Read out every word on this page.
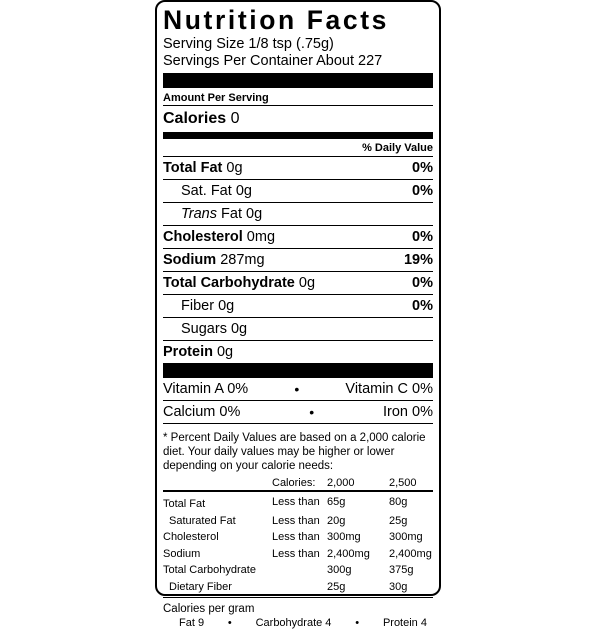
Nutrition Facts
Serving Size 1/8 tsp (.75g)
Servings Per Container About 227
Amount Per Serving
Calories 0
% Daily Value
Total Fat 0g	0%
Sat. Fat 0g	0%
Trans Fat 0g
Cholesterol 0mg	0%
Sodium 287mg	19%
Total Carbohydrate 0g	0%
Fiber 0g	0%
Sugars 0g
Protein 0g
Vitamin A 0%	•	Vitamin C 0%
Calcium 0%	•	Iron 0%
* Percent Daily Values are based on a 2,000 calorie diet. Your daily values may be higher or lower depending on your calorie needs:
	Calories:	2,000	2,500
Total Fat	Less than	65g	80g
Saturated Fat	Less than	20g	25g
Cholesterol	Less than	300mg	300mg
Sodium	Less than	2,400mg	2,400mg
Total Carbohydrate		300g	375g
Dietary Fiber		25g	30g
Calories per gram
Fat 9 • Carbohydrate 4 • Protein 4
